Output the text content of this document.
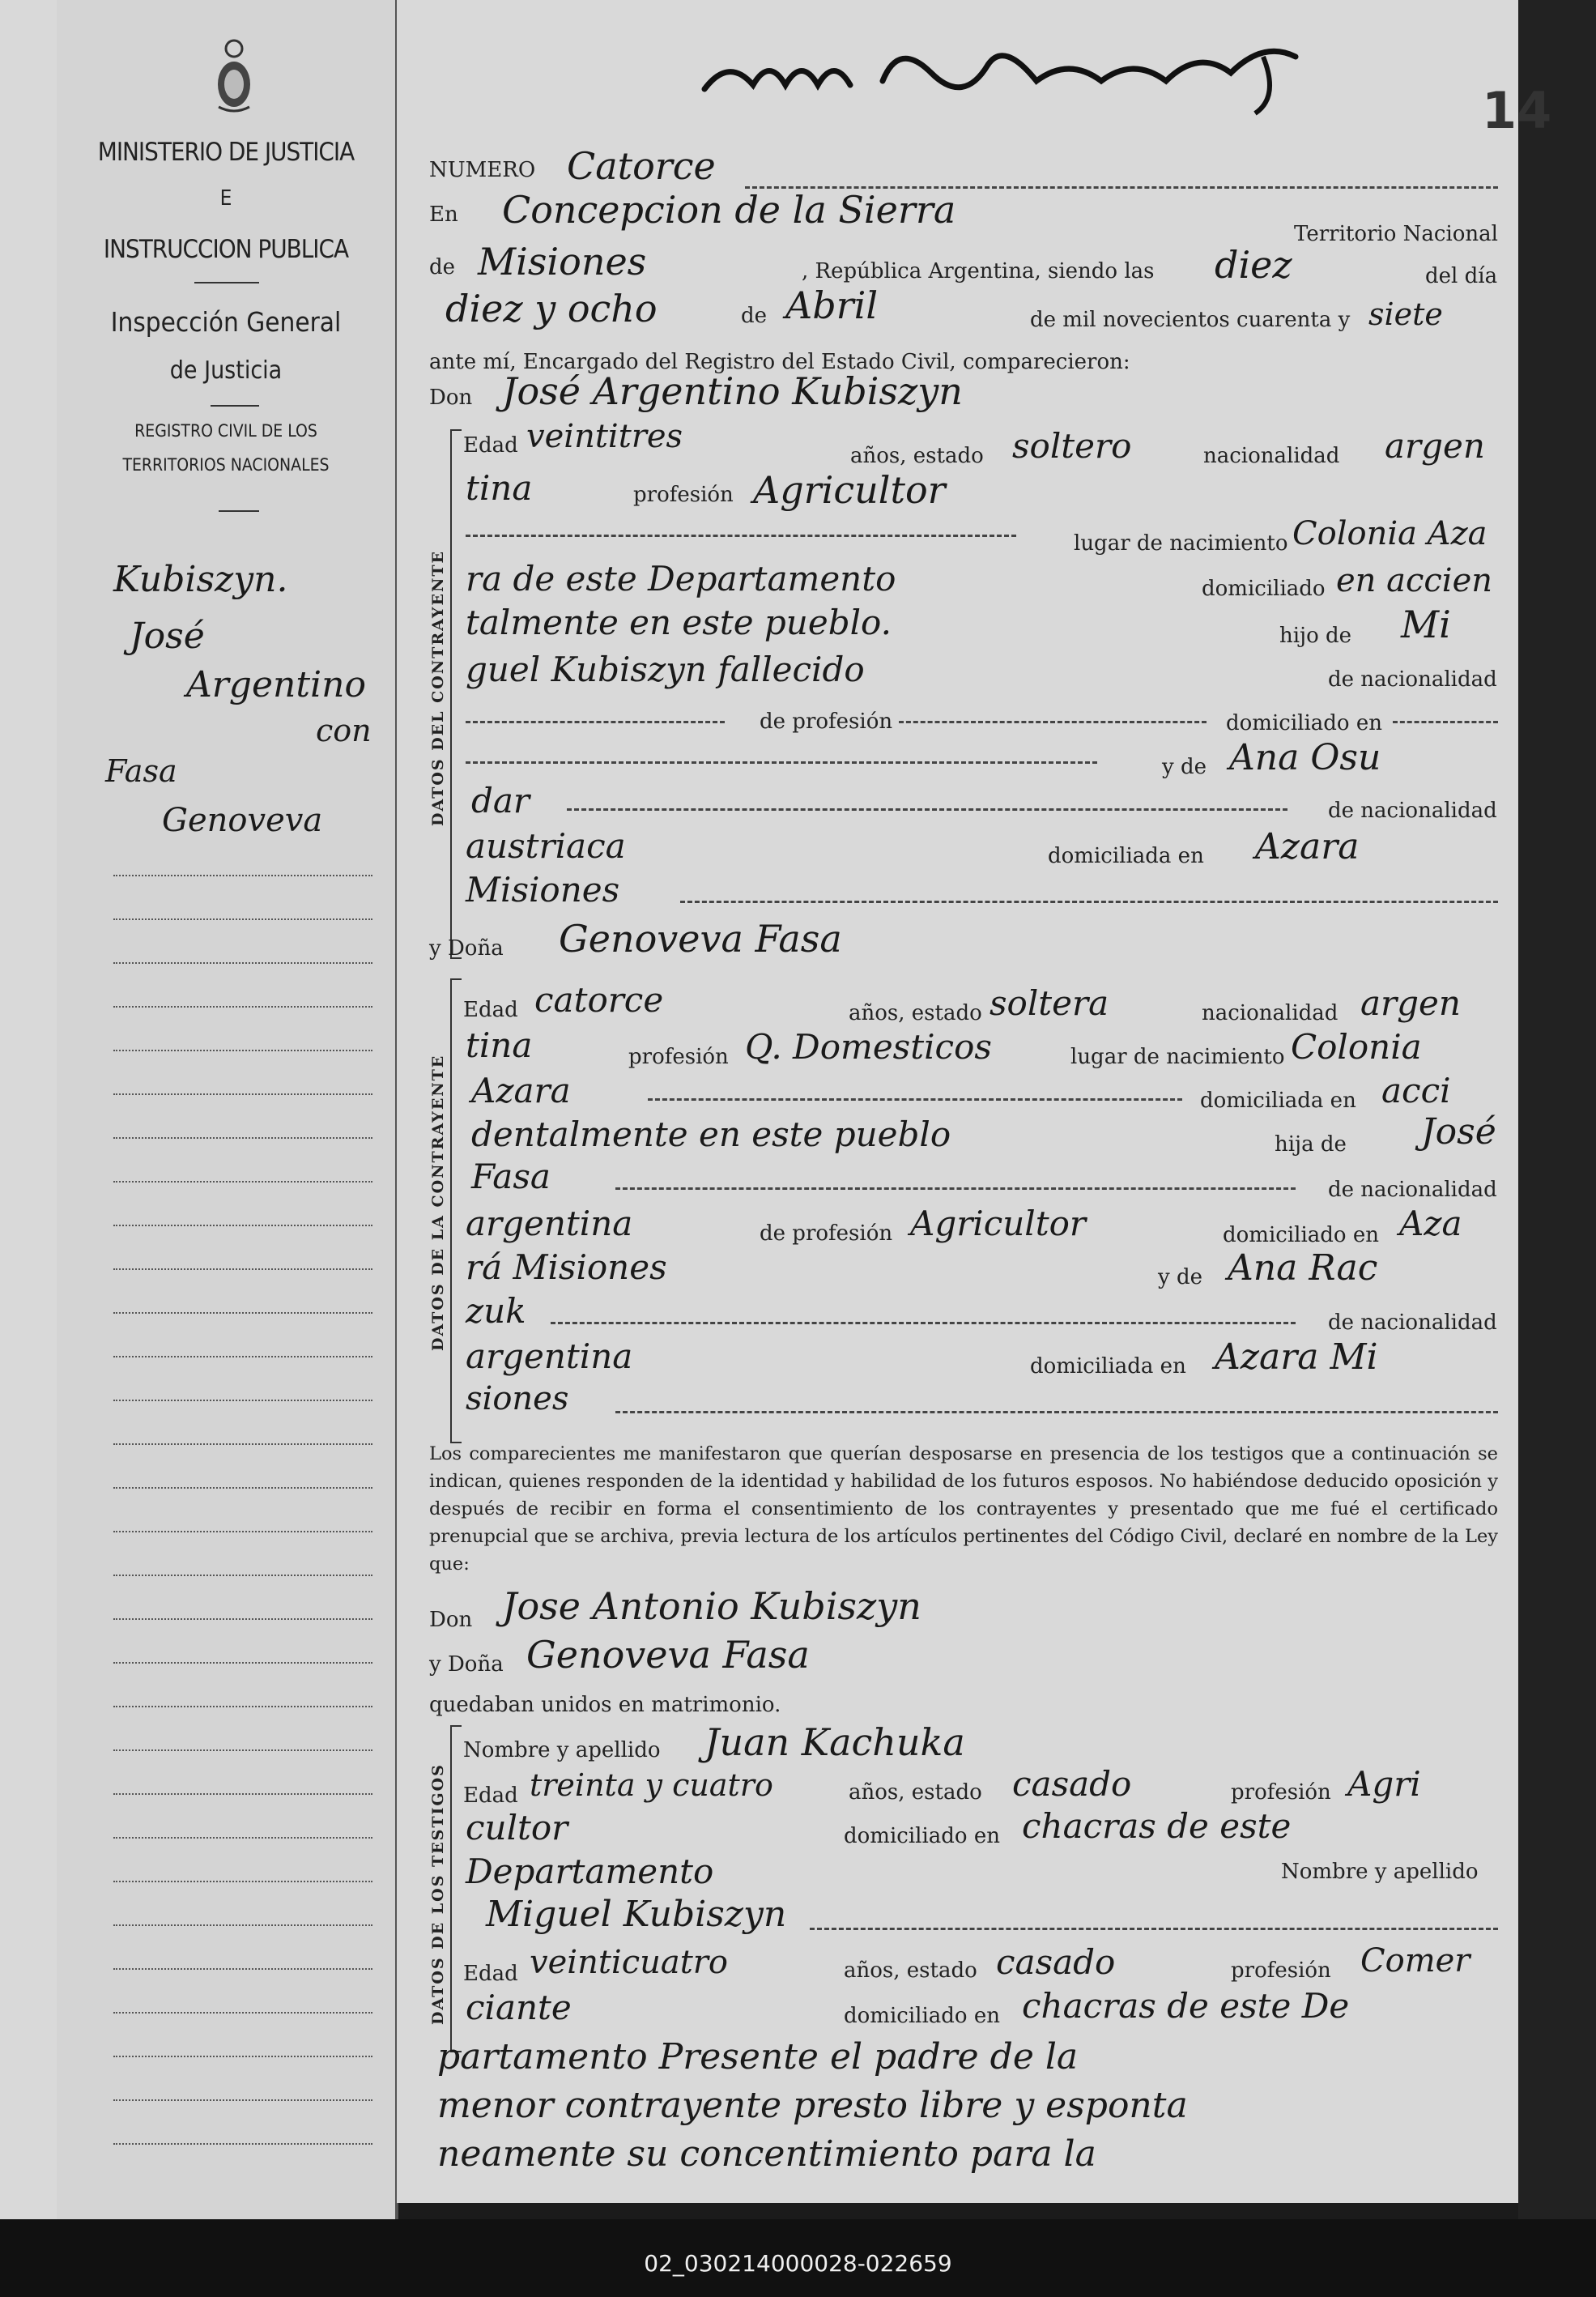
MINISTERIO DE JUSTICIA
E
INSTRUCCION PUBLICA
Inspección General
de Justicia
REGISTRO CIVIL DE LOS
TERRITORIOS NACIONALES
Kubiszyn.
José
Argentino
con
Fasa
Genoveva
14
NUMERO Catorce
En Concepcion de la Sierra
Territorio Nacional
de Misiones	, República Argentina, siendo las diez	del día
diez y ocho	de Abril	de mil novecientos cuarenta y siete
ante mí, Encargado del Registro del Estado Civil, comparecieron:
Don José Argentino Kubiszyn
DATOS DEL CONTRAYENTE
Edad veintitres
años, estado soltero	nacionalidad argen
tina	profesión Agricultor
lugar de nacimiento Colonia Aza
ra de este Departamento	domiciliado en accien
talmente en este pueblo.	hijo de Mi
guel Kubiszyn fallecido	de nacionalidad
de profesión	domiciliado en
y de Ana Osu
dar	de nacionalidad
austriaca	domiciliada en Azara
Misiones
y Doña Genoveva Fasa
DATOS DE LA CONTRAYENTE
Edad catorce	años, estado soltera	nacionalidad argen
tina	profesión Q. Domesticos	lugar de nacimiento Colonia
Azara	domiciliada en acci
dentalmente en este pueblo	hija de José
Fasa	de nacionalidad
argentina	de profesión Agricultor	domiciliado en Aza
rá Misiones	y de Ana Rac
zuk	de nacionalidad
argentina	domiciliada en Azara Mi
siones
Los comparecientes me manifestaron que querían desposarse en presencia de los testigos que a continuación se indican, quienes responden de la identidad y habilidad de los futuros esposos. No habiéndose deducido oposición y después de recibir en forma el consentimiento de los contrayentes y presentado que me fué el certificado prenupcial que se archiva, previa lectura de los artículos pertinentes del Código Civil, declaré en nombre de la Ley que:
Don Jose Antonio Kubiszyn
y Doña Genoveva Fasa
quedaban unidos en matrimonio.
DATOS DE LOS TESTIGOS
Nombre y apellido Juan Kachuka
Edad treinta y cuatro	años, estado casado	profesión Agri
cultor	domiciliado en chacras de este
Departamento	Nombre y apellido
Miguel Kubiszyn
Edad veinticuatro	años, estado casado	profesión Comer
ciante	domiciliado en chacras de este De
partamento Presente el padre de la
menor contrayente presto libre y esponta
neamente su concentimiento para la
02_030214000028-022659
